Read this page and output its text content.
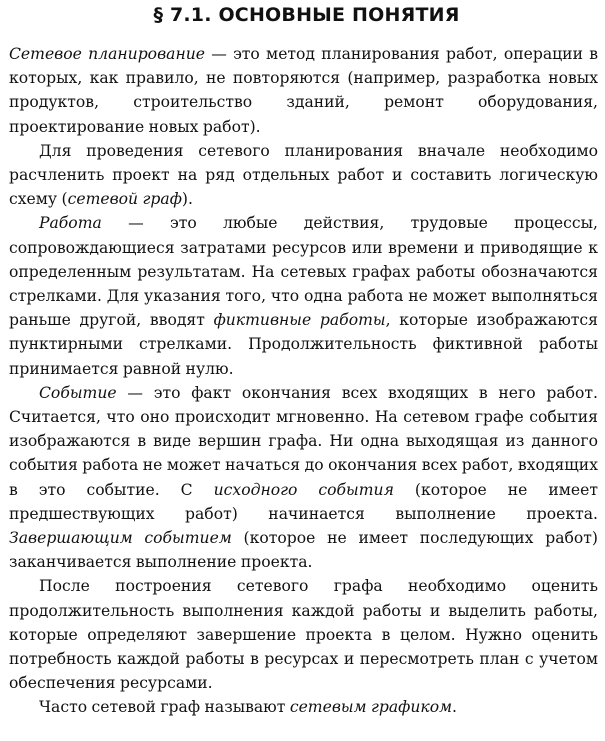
§ 7.1. ОСНОВНЫЕ ПОНЯТИЯ

Сетевое планирование — это метод планирования работ, операции в которых, как правило, не повторяются (например, разработка новых продуктов, строительство зданий, ремонт оборудования, проектирование новых работ).

Для проведения сетевого планирования вначале необходимо расчленить проект на ряд отдельных работ и составить логическую схему (сетевой граф).

Работа — это любые действия, трудовые процессы, сопровождающиеся затратами ресурсов или времени и приводящие к определенным результатам. На сетевых графах работы обозначаются стрелками. Для указания того, что одна работа не может выполняться раньше другой, вводят фиктивные работы, которые изображаются пунктирными стрелками. Продолжительность фиктивной работы принимается равной нулю.

Событие — это факт окончания всех входящих в него работ. Считается, что оно происходит мгновенно. На сетевом графе события изображаются в виде вершин графа. Ни одна выходящая из данного события работа не может начаться до окончания всех работ, входящих в это событие. С исходного события (которое не имеет предшествующих работ) начинается выполнение проекта. Завершающим событием (которое не имеет последующих работ) заканчивается выполнение проекта.

После построения сетевого графа необходимо оценить продолжительность выполнения каждой работы и выделить работы, которые определяют завершение проекта в целом. Нужно оценить потребность каждой работы в ресурсах и пересмотреть план с учетом обеспечения ресурсами.

Часто сетевой граф называют сетевым графиком.
